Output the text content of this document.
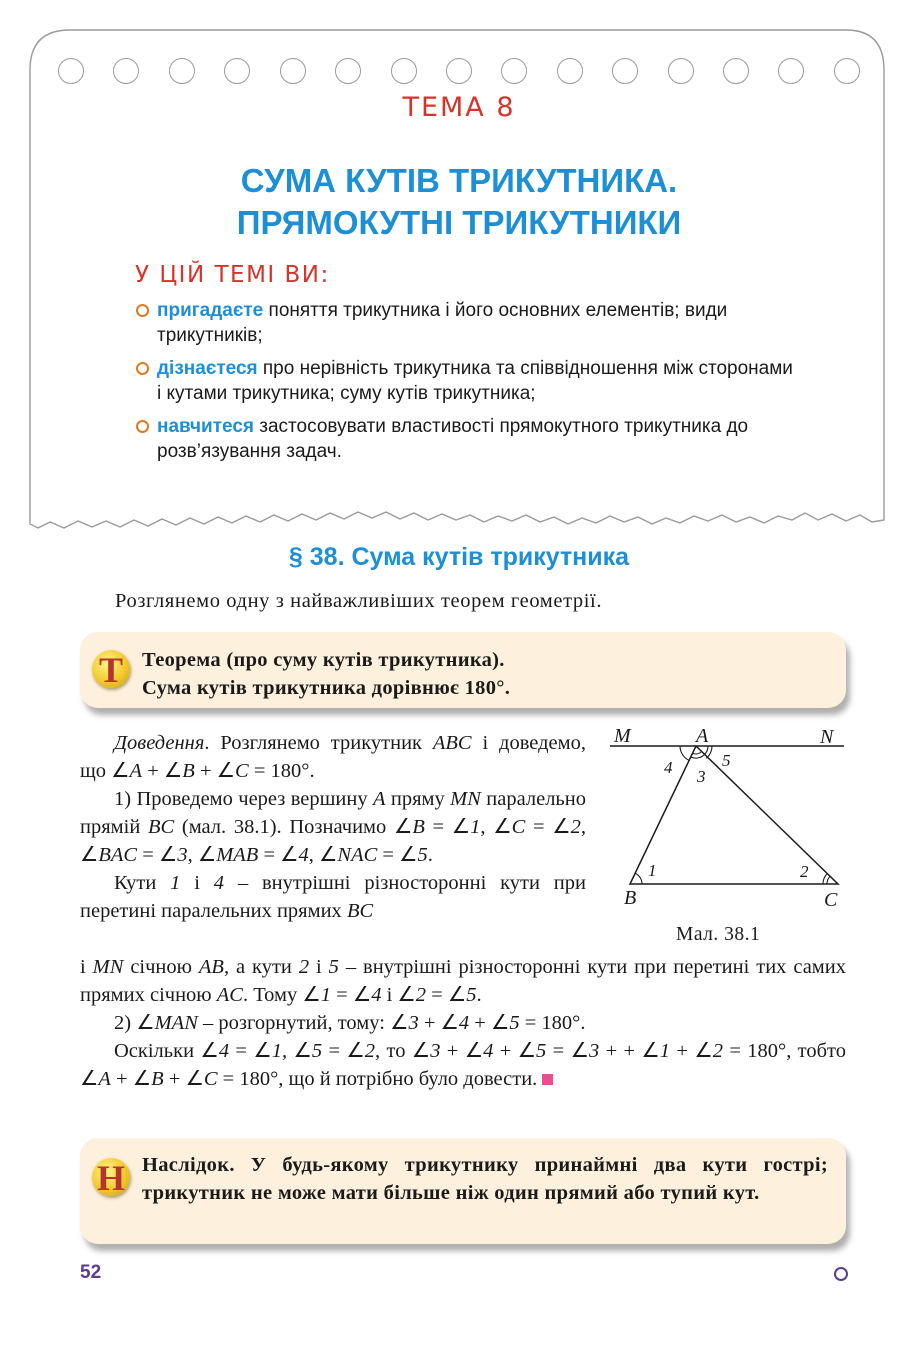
ТЕМА 8
СУМА КУТІВ ТРИКУТНИКА.
ПРЯМОКУТНІ ТРИКУТНИКИ
У ЦІЙ ТЕМІ ВИ:
пригадаєте поняття трикутника і його основних елементів; види трикутників;
дізнаєтеся про нерівність трикутника та співвідношення між сторонами і кутами трикутника; суму кутів трикутника;
навчитеся застосовувати властивості прямокутного трикутника до розв’язування задач.
§ 38. Сума кутів трикутника
Розглянемо одну з найважливіших теорем геометрії.
Т Теорема (про суму кутів трикутника).
Сума кутів трикутника дорівнює 180°.

Доведення. Розглянемо трикутник ABC і доведемо, що ∠A + ∠B + ∠C = 180°.

1) Проведемо через вершину A пряму MN паралельно прямій BC (мал. 38.1). Позначимо ∠B = ∠1, ∠C = ∠2, ∠BAC = ∠3, ∠MAB = ∠4, ∠NAC = ∠5.

Кути 1 і 4 – внутрішні різносторонні кути при перетині паралельних прямих BC

і MN січною AB, а кути 2 і 5 – внутрішні різносторонні кути при перетині тих самих прямих січною AC. Тому ∠1 = ∠4 і ∠2 = ∠5.

2) ∠MAN – розгорнутий, тому: ∠3 + ∠4 + ∠5 = 180°.

Оскільки ∠4 = ∠1, ∠5 = ∠2, то ∠3 + ∠4 + ∠5 = ∠3 + + ∠1 + ∠2 = 180°, тобто ∠A + ∠B + ∠C = 180°, що й потрібно було довести.

M	A	N
B	C
1	2
3
4	5
Мал. 38.1
Н Наслідок. У будь-якому трикутнику принаймні два кути гострі; трикутник не може мати більше ніж один прямий або тупий кут.
52
